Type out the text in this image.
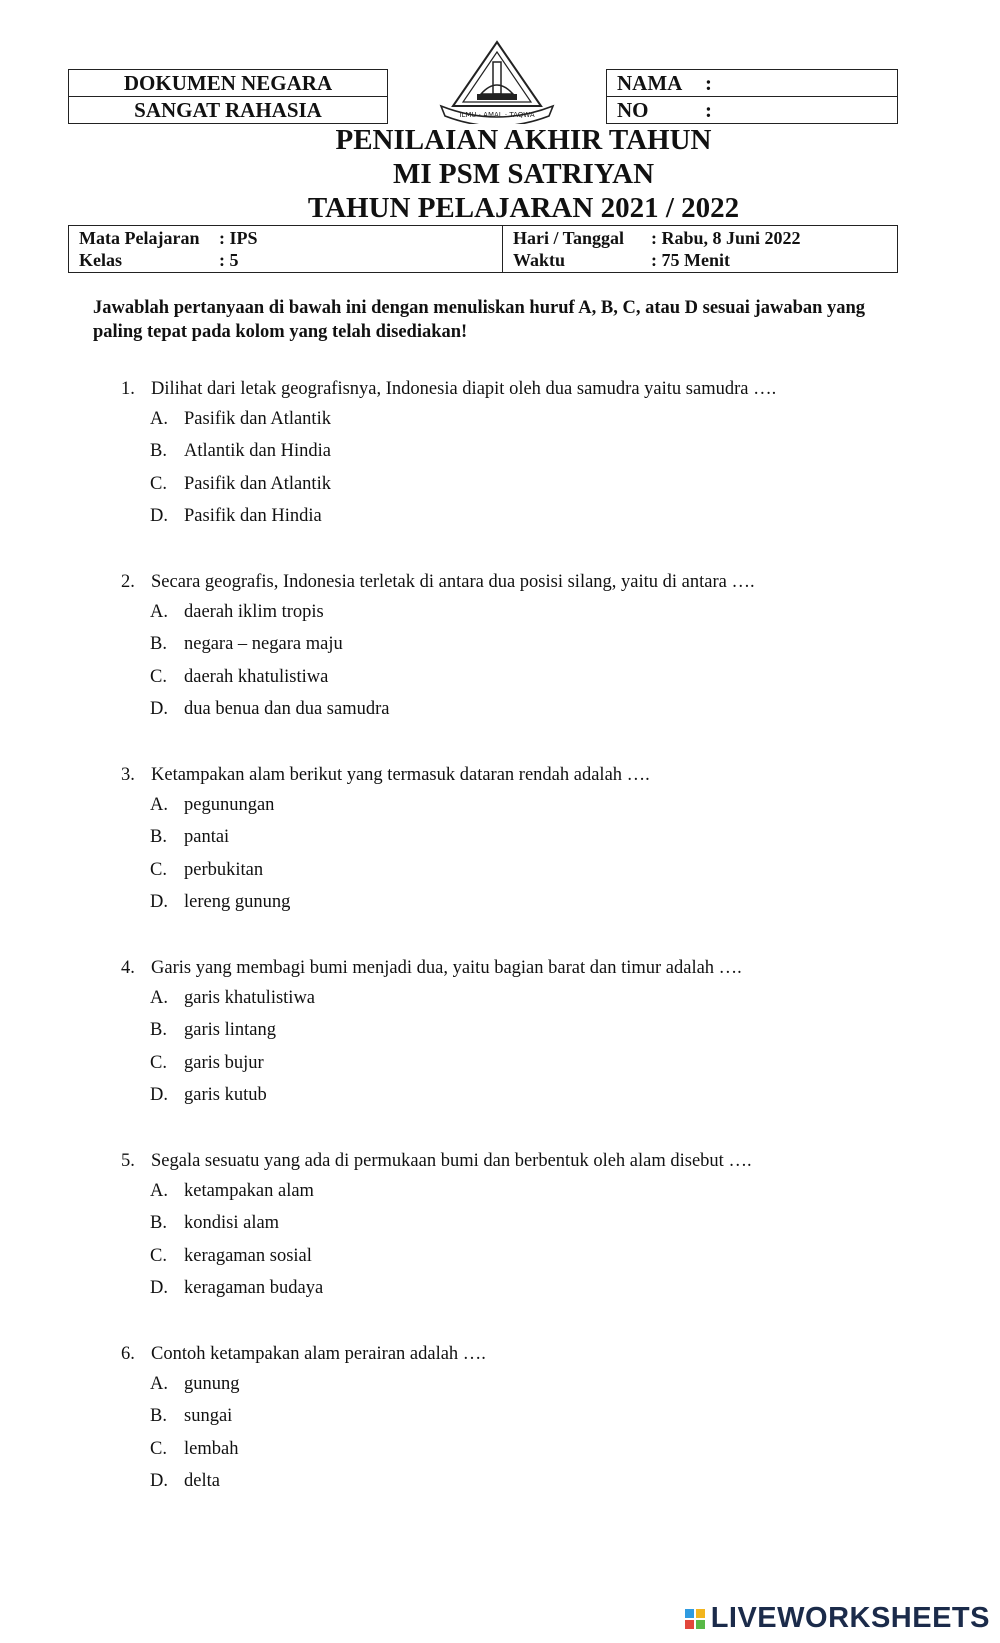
DOKUMEN NEGARA
SANGAT RAHASIA	ILMU · AMAL · TAQWA
NAMA	:
NO	:
PENILAIAN AKHIR TAHUN
MI PSM SATRIYAN
TAHUN PELAJARAN 2021 / 2022
Mata Pelajaran	: IPS
Kelas	: 5
Hari / Tanggal	: Rabu, 8 Juni 2022
Waktu	: 75 Menit
Jawablah pertanyaan di bawah ini dengan menuliskan huruf A, B, C, atau D sesuai jawaban yang paling tepat pada kolom yang telah disediakan!
1. Dilihat dari letak geografisnya, Indonesia diapit oleh dua samudra yaitu samudra ….
A. Pasifik dan Atlantik
B. Atlantik dan Hindia
C. Pasifik dan Atlantik
D. Pasifik dan Hindia
2. Secara geografis, Indonesia terletak di antara dua posisi silang, yaitu di antara ….
A. daerah iklim tropis
B. negara – negara maju
C. daerah khatulistiwa
D. dua benua dan dua samudra
3. Ketampakan alam berikut yang termasuk dataran rendah adalah ….
A. pegunungan
B. pantai
C. perbukitan
D. lereng gunung
4. Garis yang membagi bumi menjadi dua, yaitu bagian barat dan timur adalah ….
A. garis khatulistiwa
B. garis lintang
C. garis bujur
D. garis kutub
5. Segala sesuatu yang ada di permukaan bumi dan berbentuk oleh alam disebut ….
A. ketampakan alam
B. kondisi alam
C. keragaman sosial
D. keragaman budaya
6. Contoh ketampakan alam perairan adalah ….
A. gunung
B. sungai
C. lembah
D. delta
LIVEWORKSHEETS
